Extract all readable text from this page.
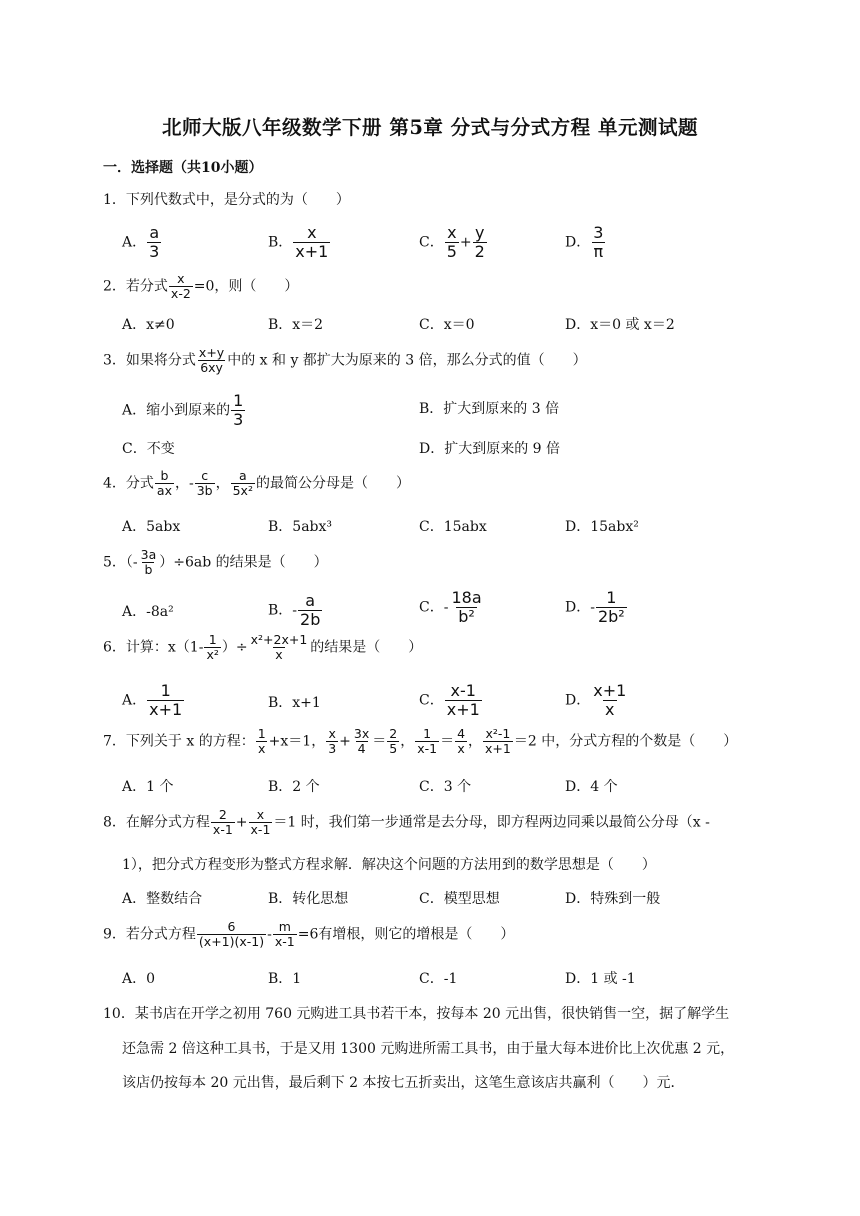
北师大版八年级数学下册 第5章 分式与分式方程 单元测试题
一．选择题（共10小题）
1．下列代数式中，是分式的为（　　）
A． $\frac{a}{3}$	B． $\frac{x}{x+1}$	C． $\frac{x}{5} + \frac{y}{2}$	D． $\frac{3}{\pi}$
2．若分式 $\frac{x}{x-2} =0$，则（　　）
A．x≠0	B．x＝2	C．x＝0	D．x＝0 或 x＝2
3．如果将分式 $\frac{x+y}{6xy}$ 中的 x 和 y 都扩大为原来的 3 倍，那么分式的值（　　）
A．缩小到原来的 $\frac{1}{3}$	B．扩大到原来的 3 倍
C．不变	D．扩大到原来的 9 倍
4．分式 $\frac{b}{ax}$ ，- $\frac{c}{3b}$ ， $\frac{a}{\text{5x²}}$ 的最简公分母是（　　）
A．5abx	B．5abx³	C．15abx	D．15abx²
5．（- $\frac{3a}{b} )\div 6ab$ 的结果是（　　）
A．-8a²	B．- $\frac{a}{2b}$	C．- $\frac{18a}{\text{b²}}$	D．- $\frac{1}{\text{2b²}}$
6．计算：$x(1- \frac{1}{\text{x²}}$ ）÷ $\frac{\text{x²+2x+1}}{x}$ 的结果是（　　）
A． $\frac{1}{x+1}$	B．x+1	C． $\frac{x-1}{x+1}$	D． $\frac{x+1}{x}$
7．下列关于 x 的方程： $\frac{1}{x} +x=1$， $\frac{x}{3} + \frac{3x}{4} = \frac{2}{5}$ ， $\frac{1}{x-1} = \frac{4}{x}$ ， $\frac{\text{x²-1}}{x+1} =2$ 中，分式方程的个数是（　　）
A．1 个	B．2 个	C．3 个	D．4 个
8．在解分式方程 $\frac{2}{x-1} + \frac{x}{x-1} =1$ 时，我们第一步通常是去分母，即方程两边同乘以最简公分母（x -
1），把分式方程变形为整式方程求解．解决这个问题的方法用到的数学思想是（　　）
A．整数结合	B．转化思想	C．模型思想	D．特殊到一般
9．若分式方程 $\frac{6}{(x+1)(x-1)} - \frac{m}{x-1} =6$有增根，则它的增根是（　　）
A．0	B．1	C．-1	D．1 或 -1
10．某书店在开学之初用 760 元购进工具书若干本，按每本 20 元出售，很快销售一空，据了解学生
还急需 2 倍这种工具书，于是又用 1300 元购进所需工具书，由于量大每本进价比上次优惠 2 元，
该店仍按每本 20 元出售，最后剩下 2 本按七五折卖出，这笔生意该店共赢利（　　）元．
